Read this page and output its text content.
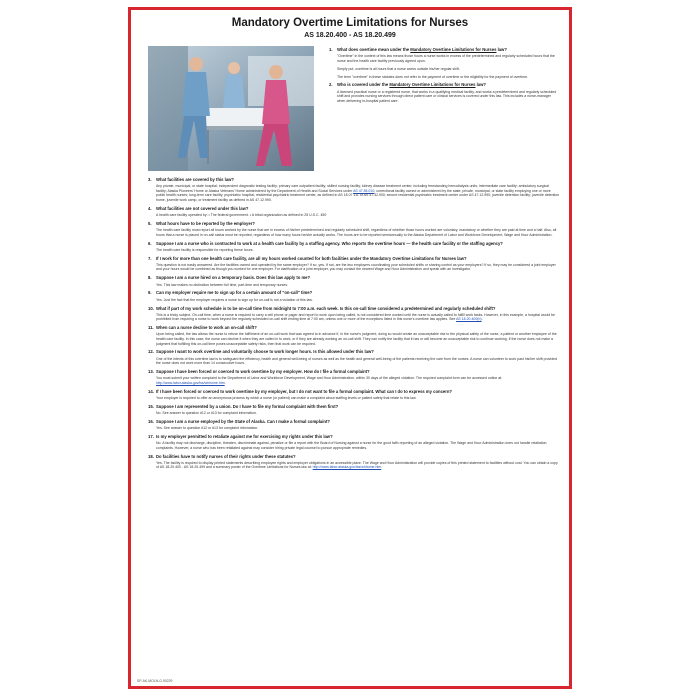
Mandatory Overtime Limitations for Nurses
AS 18.20.400 - AS 18.20.499

1.	What does overtime mean under the Mandatory Overtime Limitations for Nurses law?

"Overtime" in the context of this law means those hours a nurse works in excess of the predetermined and regularly scheduled hours that the nurse and the health care facility previously agreed upon.

Simply put, overtime is all hours that a nurse works outside his/her regular shift.

The term "overtime" in these statutes does not refer to the payment of overtime or the eligibility for the payment of overtime.

2.	Who is covered under the Mandatory Overtime Limitations for Nurses law?

A licensed practical nurse or a registered nurse, that works in a qualifying medical facility, and works a predetermined and regularly scheduled shift and provides nursing services through direct patient care or clinical services is covered under this law. This includes a nurse-manager when delivering in-hospital patient care.

3.	What facilities are covered by this law?

Any private, municipal, or state hospital; independent diagnostic testing facility; primary care outpatient facility; skilled nursing facility; kidney disease treatment center, including freestanding hemodialysis units; intermediate care facility; ambulatory surgical facility; Alaska Pioneers' Home or Alaska Veterans' Home administered by the Department of Health and Social Services under AS 47.55.010; correctional facility owned or administered by the state; private, municipal, or state facility employing one or more public health nurses; long-term care facility; psychiatric hospital; residential psychiatric treatment center, as defined in AS 18.07.111 or AS 47.32.900; secure residential psychiatric treatment center under AS 47.12.990; juvenile detention facility; juvenile detention home, juvenile work camp, or treatment facility as defined in AS 47.12.990.

4.	What facilities are not covered under this law?

A health care facility operated by: • The federal government. • A tribal organization as defined in 25 U.S.C. 450

5.	What hours have to be reported by the employer?

The health care facility must report all hours worked by the nurse that are in excess of his/her predetermined and regularly scheduled shift, regardless of whether those hours worked are voluntary, mandatory or whether they are paid at time and a half. Also, all hours that a nurse is placed in on-call status must be reported, regardless of how many hours he/she actually works. The hours are to be reported semiannually to the Alaska Department of Labor and Workforce Development, Wage and Hour Administration.

6.	Suppose I am a nurse who is contracted to work at a health care facility by a staffing agency. Who reports the overtime hours — the health care facility or the staffing agency?

The health care facility is responsible for reporting these hours.

7.	If I work for more than one health care facility, are all my hours worked counted for both facilities under the Mandatory Overtime Limitations for Nurses law?

This question is not easily answered. Are the facilities owned and operated by the same employer? If so, yes. If not, are the two employers coordinating your scheduled shifts or sharing control as your employers? If so, they may be considered a joint employer and your hours would be combined as though you worked for one employer. For clarification of a joint employer, you may contact the nearest Wage and Hour Administration and speak with an investigator.

8.	Suppose I am a nurse hired on a temporary basis. Does this law apply to me?

Yes. This law makes no distinction between full time, part-time and temporary nurses.

9.	Can my employer require me to sign up for a certain amount of "on-call" time?

Yes. Just the fact that the employer requires a nurse to sign up for on-call is not a violation of this law.

10. What if part of my work schedule is to be on-call time from midnight to 7:00 a.m. each week. Is this on-call time considered a predetermined and regularly scheduled shift?

This is a tricky subject. On-call time, when a nurse is required to carry a cell phone or pager and report to work upon being called, is not considered time worked until the nurse is actually called to fulfill work tasks. However, in this example, a hospital would be prohibited from requiring a nurse to work beyond the regularly scheduled on-call shift ending time at 7:00 am, unless one or more of the exceptions listed in this nurse's overtime law applies. See AS 18.20.400(b).

11. When can a nurse decline to work an on-call shift?

Upon being called, the law allows the nurse to refuse the fulfillment of an on-call work that was agreed to in advance if, in the nurse's judgment, doing so would create an unacceptable risk to the physical safety of the nurse, a patient or another employee of the health care facility. In this case, the nurse can decline it when they are called in to work, or if they are already working an on-call shift. They can notify the facility that it has or will become an unacceptable risk to continue working. If the nurse does not make a judgment that fulfilling this on-call time poses unacceptable safety risks, then that work can be required.

12. Suppose I want to work overtime and voluntarily choose to work longer hours. Is this allowed under this law?

One of the intents of this overtime law is to safeguard the efficiency, health and general well-being of nurses as well as the health and general well-being of the patients receiving the care from the nurses. A nurse can volunteer to work past his/her shift provided the nurse does not work more than 14 consecutive hours.

13. Suppose I have been forced or coerced to work overtime by my employer. How do I file a formal complaint?

You must submit your written complaint to the Department of Labor and Workforce Development, Wage and Hour Administration, within 30 days of the alleged violation. The required complaint form can be accessed online at: http://www.labor.alaska.gov/lss/whhome.htm.

14. If I have been forced or coerced to work overtime by my employer, but I do not want to file a formal complaint. What can I do to express my concern?

Your employer is required to offer an anonymous process by which a nurse (or patient) can make a complaint about staffing levels or patient safety that relate to this law.

15. Suppose I am represented by a union. Do I have to file my formal complaint with them first?

No. See answer to question #12 or #13 for complaint information.

16. Suppose I am a nurse employed by the State of Alaska. Can I make a formal complaint?

Yes. See answer to question #12 or #13 for complaint information.

17. Is my employer permitted to retaliate against me for exercising my rights under this law?

No. A facility may not discharge, discipline, threaten, discriminate against, penalize or file a report with the Board of Nursing against a nurse for the good faith reporting of an alleged violation. The Wage and Hour Administration does not handle retaliation complaints. However, a nurse who has been retaliated against may consider hiring private legal counsel to pursue appropriate remedies.

18. Do facilities have to notify nurses of their rights under these statutes?

Yes. The facility is required to display printed statements describing employee rights and employer obligations in an accessible place. The Wage and Hour Administration will provide copies of this printed statement to facilities without cost. You can obtain a copy of AS 18.20.400 - AS 18.20.499 and a summary poster of the Overtime Limitations for Nurses law at: http://www.labor.alaska.gov/lss/whhome.htm.

SP-AK-MOLN-G-90229
